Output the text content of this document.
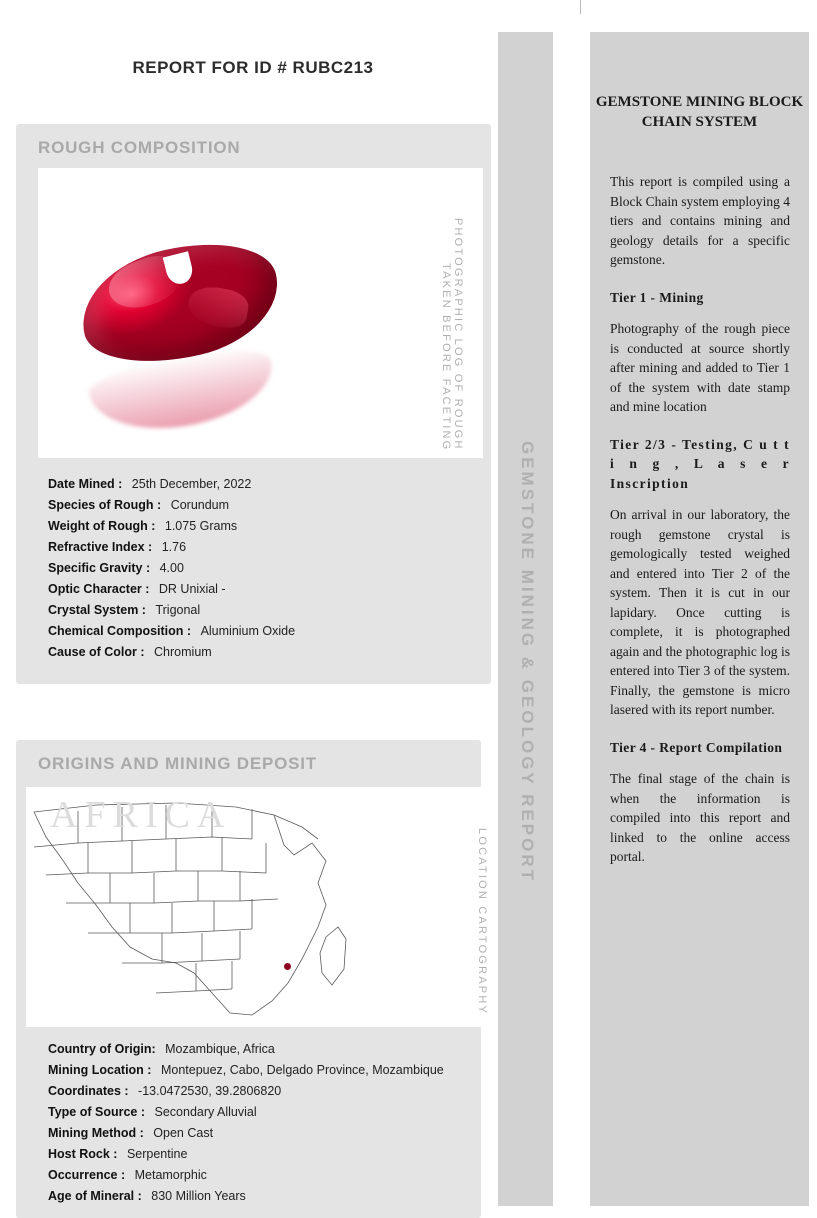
REPORT FOR ID # RUBC213
GEMSTONE MINING & GEOLOGY REPORT
ROUGH COMPOSITION
PHOTOGRAPHIC LOG OF ROUGH TAKEN BEFORE FACETING
Date Mined : 25th December, 2022
Species of Rough : Corundum
Weight of Rough : 1.075 Grams
Refractive Index : 1.76
Specific Gravity : 4.00
Optic Character : DR Unixial -
Crystal System : Trigonal
Chemical Composition : Aluminium Oxide
Cause of Color : Chromium
ORIGINS AND MINING DEPOSIT
AFRICA
LOCATION CARTOGRAPHY
Country of Origin: Mozambique, Africa
Mining Location : Montepuez, Cabo, Delgado Province, Mozambique
Coordinates : -13.0472530, 39.2806820
Type of Source : Secondary Alluvial
Mining Method : Open Cast
Host Rock : Serpentine
Occurrence : Metamorphic
Age of Mineral : 830 Million Years
GEMSTONE MINING BLOCK CHAIN SYSTEM

This report is compiled using a Block Chain system employing 4 tiers and contains mining and geology details for a specific gemstone.

Tier 1 - Mining

Photography of the rough piece is conducted at source shortly after mining and added to Tier 1 of the system with date stamp and mine location

Tier 2/3 - Testing, C u t t i n g , L a s e r Inscription

On arrival in our laboratory, the rough gemstone crystal is gemologically tested weighed and entered into Tier 2 of the system. Then it is cut in our lapidary. Once cutting is complete, it is photographed again and the photographic log is entered into Tier 3 of the system. Finally, the gemstone is micro lasered with its report number.

Tier 4 - Report Compilation

The final stage of the chain is when the information is compiled into this report and linked to the online access portal.
